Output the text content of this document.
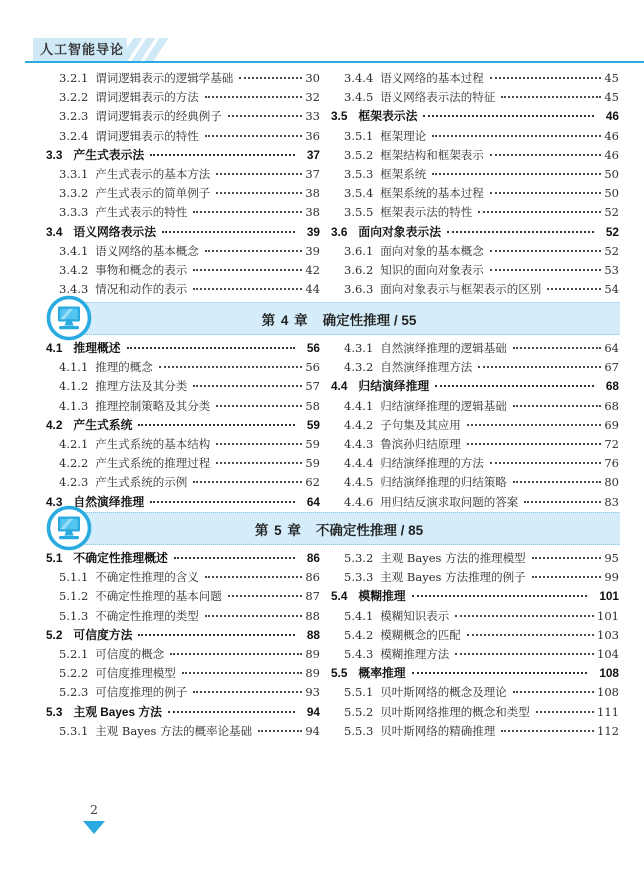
人工智能导论
3.2.1 谓词逻辑表示的逻辑学基础	30
3.2.2 谓词逻辑表示的方法	32
3.2.3 谓词逻辑表示的经典例子	33
3.2.4 谓词逻辑表示的特性	36
3.3 产生式表示法	37
3.3.1 产生式表示的基本方法	37
3.3.2 产生式表示的简单例子	38
3.3.3 产生式表示的特性	38
3.4 语义网络表示法	39
3.4.1 语义网络的基本概念	39
3.4.2 事物和概念的表示	42
3.4.3 情况和动作的表示	44
3.4.4 语义网络的基本过程	45
3.4.5 语义网络表示法的特征	45
3.5 框架表示法	46
3.5.1 框架理论	46
3.5.2 框架结构和框架表示	46
3.5.3 框架系统	50
3.5.4 框架系统的基本过程	50
3.5.5 框架表示法的特性	52
3.6 面向对象表示法	52
3.6.1 面向对象的基本概念	52
3.6.2 知识的面向对象表示	53
3.6.3 面向对象表示与框架表示的区别	54
第 4 章 确定性推理 / 55
4.1 推理概述	56
4.1.1 推理的概念	56
4.1.2 推理方法及其分类	57
4.1.3 推理控制策略及其分类	58
4.2 产生式系统	59
4.2.1 产生式系统的基本结构	59
4.2.2 产生式系统的推理过程	59
4.2.3 产生式系统的示例	62
4.3 自然演绎推理	64
4.3.1 自然演绎推理的逻辑基础	64
4.3.2 自然演绎推理方法	67
4.4 归结演绎推理	68
4.4.1 归结演绎推理的逻辑基础	68
4.4.2 子句集及其应用	69
4.4.3 鲁滨孙归结原理	72
4.4.4 归结演绎推理的方法	76
4.4.5 归结演绎推理的归结策略	80
4.4.6 用归结反演求取问题的答案	83
第 5 章 不确定性推理 / 85
5.1 不确定性推理概述	86
5.1.1 不确定性推理的含义	86
5.1.2 不确定性推理的基本问题	87
5.1.3 不确定性推理的类型	88
5.2 可信度方法	88
5.2.1 可信度的概念	89
5.2.2 可信度推理模型	89
5.2.3 可信度推理的例子	93
5.3 主观 Bayes 方法	94
5.3.1 主观 Bayes 方法的概率论基础	94
5.3.2 主观 Bayes 方法的推理模型	95
5.3.3 主观 Bayes 方法推理的例子	99
5.4 模糊推理	101
5.4.1 模糊知识表示	101
5.4.2 模糊概念的匹配	103
5.4.3 模糊推理方法	104
5.5 概率推理	108
5.5.1 贝叶斯网络的概念及理论	108
5.5.2 贝叶斯网络推理的概念和类型	111
5.5.3 贝叶斯网络的精确推理	112
2
